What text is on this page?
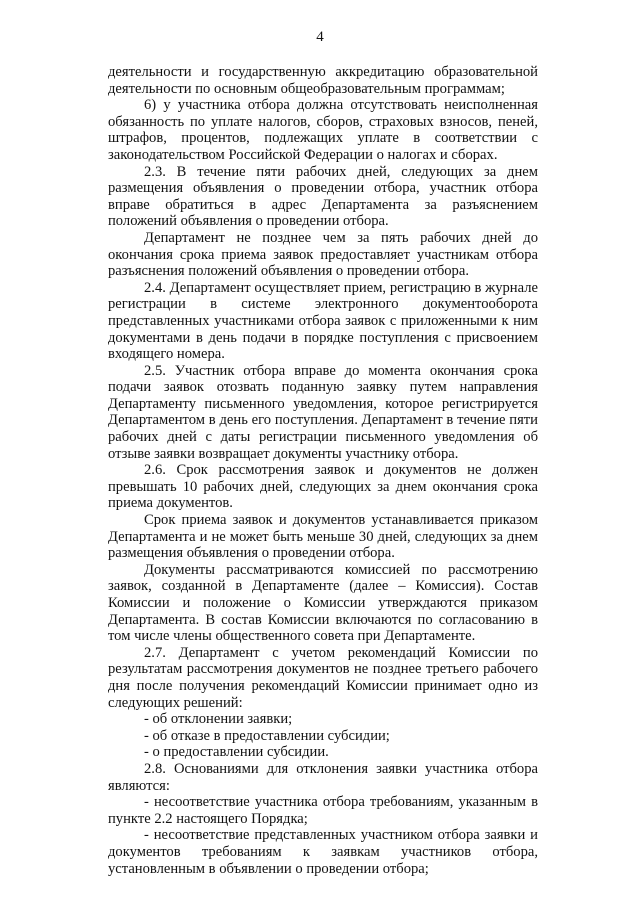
4

деятельности и государственную аккредитацию образовательной деятельности по основным общеобразовательным программам;

6) у участника отбора должна отсутствовать неисполненная обязанность по уплате налогов, сборов, страховых взносов, пеней, штрафов, процентов, подлежащих уплате в соответствии с законодательством Российской Федерации о налогах и сборах.

2.3. В течение пяти рабочих дней, следующих за днем размещения объявления о проведении отбора, участник отбора вправе обратиться в адрес Департамента за разъяснением положений объявления о проведении отбора.

Департамент не позднее чем за пять рабочих дней до окончания срока приема заявок предоставляет участникам отбора разъяснения положений объявления о проведении отбора.

2.4. Департамент осуществляет прием, регистрацию в журнале регистрации в системе электронного документооборота представленных участниками отбора заявок с приложенными к ним документами в день подачи в порядке поступления с присвоением входящего номера.

2.5. Участник отбора вправе до момента окончания срока подачи заявок отозвать поданную заявку путем направления Департаменту письменного уведомления, которое регистрируется Департаментом в день его поступления. Департамент в течение пяти рабочих дней с даты регистрации письменного уведомления об отзыве заявки возвращает документы участнику отбора.

2.6. Срок рассмотрения заявок и документов не должен превышать 10 рабочих дней, следующих за днем окончания срока приема документов.

Срок приема заявок и документов устанавливается приказом Департамента и не может быть меньше 30 дней, следующих за днем размещения объявления о проведении отбора.

Документы рассматриваются комиссией по рассмотрению заявок, созданной в Департаменте (далее – Комиссия). Состав Комиссии и положение о Комиссии утверждаются приказом Департамента. В состав Комиссии включаются по согласованию в том числе члены общественного совета при Департаменте.

2.7. Департамент с учетом рекомендаций Комиссии по результатам рассмотрения документов не позднее третьего рабочего дня после получения рекомендаций Комиссии принимает одно из следующих решений:

- об отклонении заявки;

- об отказе в предоставлении субсидии;

- о предоставлении субсидии.

2.8. Основаниями для отклонения заявки участника отбора являются:

- несоответствие участника отбора требованиям, указанным в пункте 2.2 настоящего Порядка;

- несоответствие представленных участником отбора заявки и документов требованиям к заявкам участников отбора, установленным в объявлении о проведении отбора;
